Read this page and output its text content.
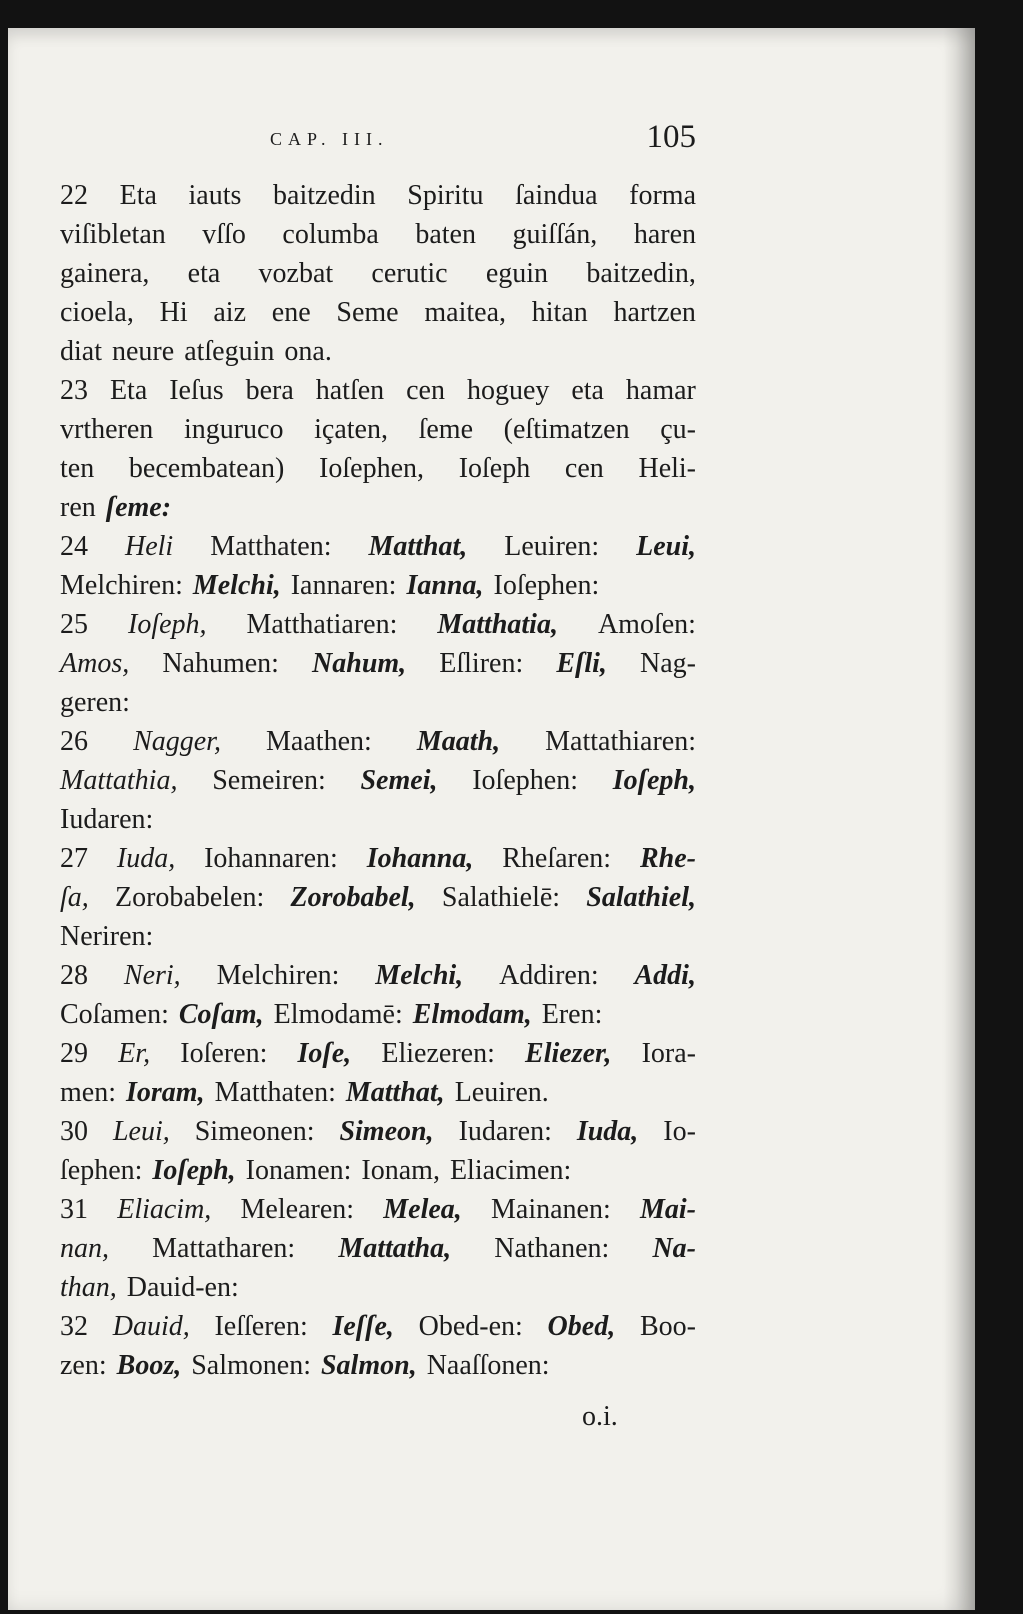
CAP. III.	105
22 Eta iauts baitzedin Spiritu ſaindua forma
viſibletan vſſo columba baten guiſſán, haren
gainera, eta vozbat cerutic eguin baitzedin,
cioela, Hi aiz ene Seme maitea, hitan hartzen
diat neure atſeguin ona.
23 Eta Ieſus bera hatſen cen hoguey eta hamar
vrtheren inguruco içaten, ſeme (eſtimatzen çu-
ten becembatean) Ioſephen, Ioſeph cen Heli-
ren ſeme:
24 Heli Matthaten: Matthat, Leuiren: Leui,
Melchiren: Melchi, Iannaren: Ianna, Ioſephen:
25 Ioſeph, Matthatiaren: Matthatia, Amoſen:
Amos, Nahumen: Nahum, Eſliren: Eſli, Nag-
geren:
26 Nagger, Maathen: Maath, Mattathiaren:
Mattathia, Semeiren: Semei, Ioſephen: Ioſeph,
Iudaren:
27 Iuda, Iohannaren: Iohanna, Rheſaren: Rhe-
ſa, Zorobabelen: Zorobabel, Salathielē: Salathiel,
Neriren:
28 Neri, Melchiren: Melchi, Addiren: Addi,
Coſamen: Coſam, Elmodamē: Elmodam, Eren:
29 Er, Ioſeren: Ioſe, Eliezeren: Eliezer, Iora-
men: Ioram, Matthaten: Matthat, Leuiren.
30 Leui, Simeonen: Simeon, Iudaren: Iuda, Io-
ſephen: Ioſeph, Ionamen: Ionam, Eliacimen:
31 Eliacim, Melearen: Melea, Mainanen: Mai-
nan, Mattatharen: Mattatha, Nathanen: Na-
than, Dauid-en:
32 Dauid, Ieſſeren: Ieſſe, Obed-en: Obed, Boo-
zen: Booz, Salmonen: Salmon, Naaſſonen:
o.i.
